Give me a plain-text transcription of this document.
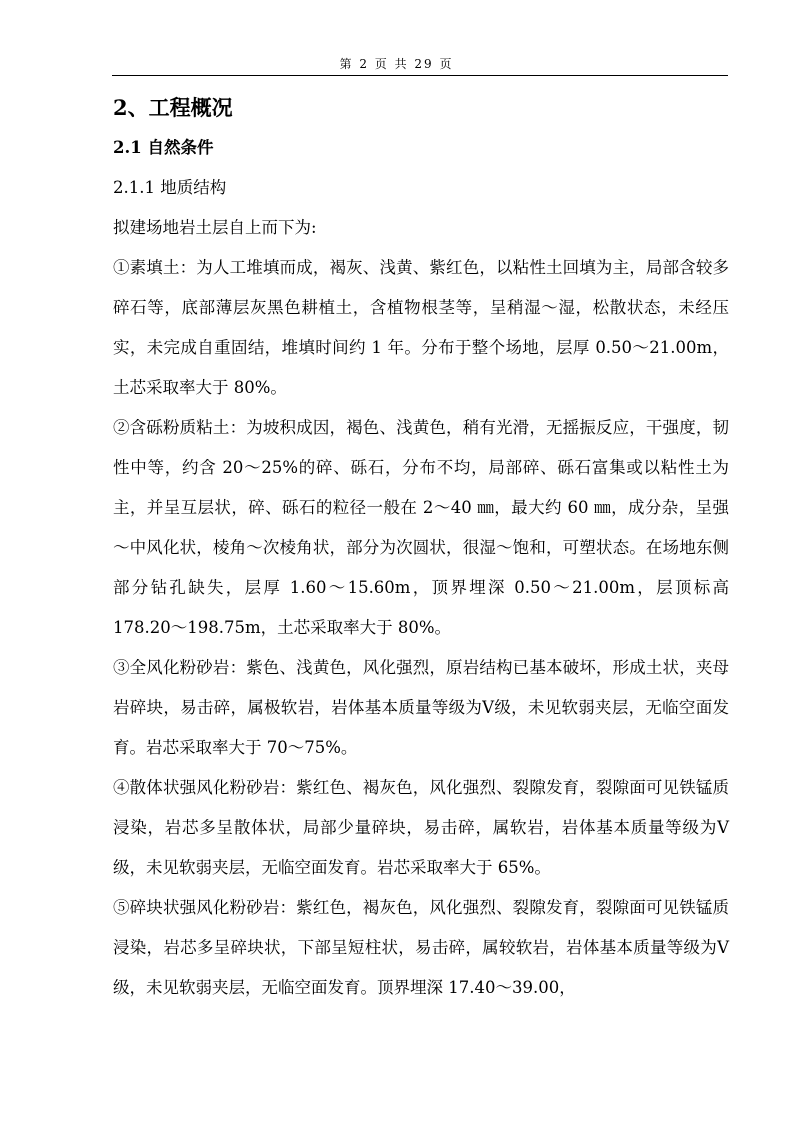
第 2 页 共 29 页
2、工程概况
2.1 自然条件
2.1.1 地质结构
拟建场地岩土层自上而下为:
①素填土：为人工堆填而成，褐灰、浅黄、紫红色，以粘性土回填为主，局部含较多碎石等，底部薄层灰黑色耕植土，含植物根茎等，呈稍湿～湿，松散状态，未经压实，未完成自重固结，堆填时间约 1 年。分布于整个场地，层厚 0.50～21.00m，土芯采取率大于 80%。
②含砾粉质粘土：为坡积成因，褐色、浅黄色，稍有光滑，无摇振反应，干强度，韧性中等，约含 20～25%的碎、砾石，分布不均，局部碎、砾石富集或以粘性土为主，并呈互层状，碎、砾石的粒径一般在 2～40 ㎜，最大约 60 ㎜，成分杂，呈强～中风化状，棱角～次棱角状，部分为次圆状，很湿～饱和，可塑状态。在场地东侧部分钻孔缺失，层厚 1.60～15.60m，顶界埋深 0.50～21.00m，层顶标高 178.20～198.75m，土芯采取率大于 80%。
③全风化粉砂岩：紫色、浅黄色，风化强烈，原岩结构已基本破坏，形成土状，夹母岩碎块，易击碎，属极软岩，岩体基本质量等级为Ⅴ级，未见软弱夹层，无临空面发育。岩芯采取率大于 70～75%。
④散体状强风化粉砂岩：紫红色、褐灰色，风化强烈、裂隙发育，裂隙面可见铁锰质浸染，岩芯多呈散体状，局部少量碎块，易击碎，属软岩，岩体基本质量等级为Ⅴ级，未见软弱夹层，无临空面发育。岩芯采取率大于 65%。
⑤碎块状强风化粉砂岩：紫红色，褐灰色，风化强烈、裂隙发育，裂隙面可见铁锰质浸染，岩芯多呈碎块状，下部呈短柱状，易击碎，属较软岩，岩体基本质量等级为Ⅴ级，未见软弱夹层，无临空面发育。顶界埋深 17.40～39.00，
